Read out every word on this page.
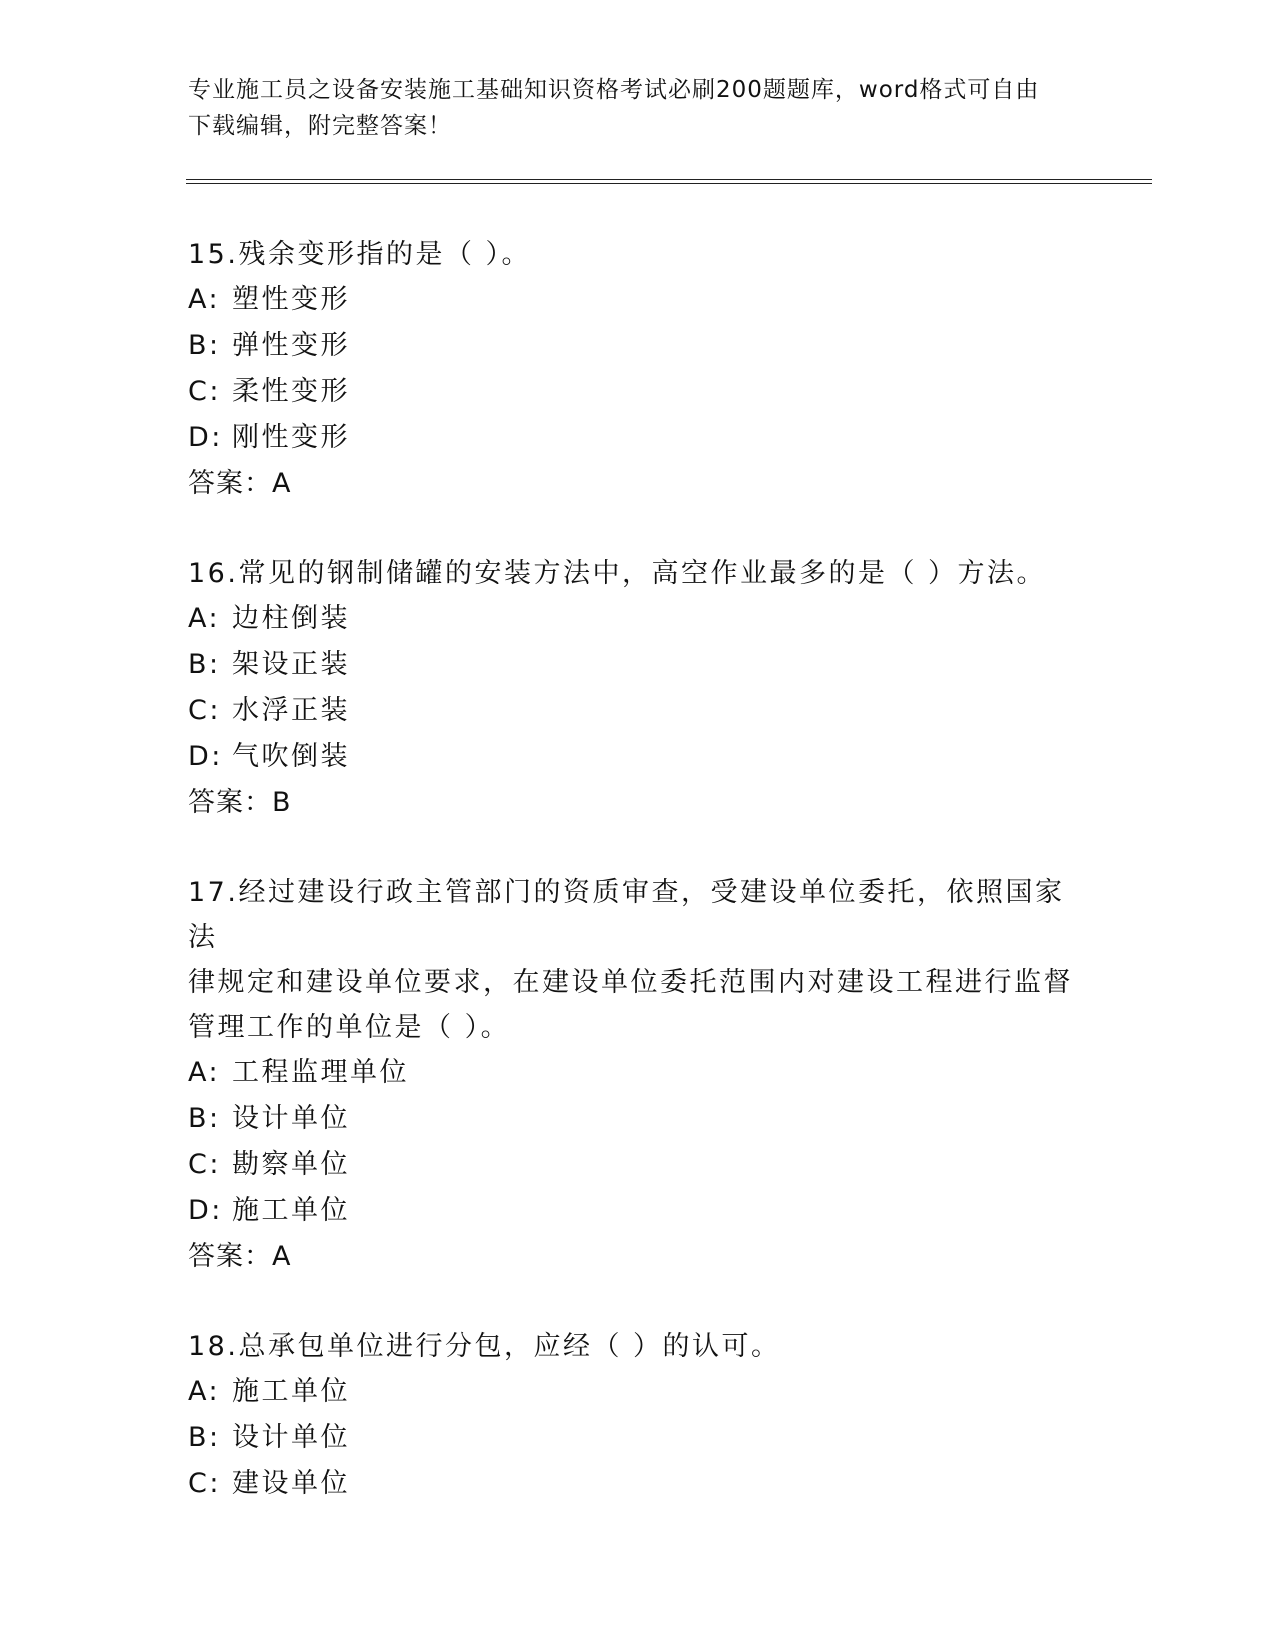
专业施工员之设备安装施工基础知识资格考试必刷200题题库，word格式可自由
下载编辑，附完整答案！
15.残余变形指的是（ ）。
A: 塑性变形
B: 弹性变形
C: 柔性变形
D: 刚性变形
答案：A
16.常见的钢制储罐的安装方法中，高空作业最多的是（ ）方法。
A: 边柱倒装
B: 架设正装
C: 水浮正装
D: 气吹倒装
答案：B
17.经过建设行政主管部门的资质审查，受建设单位委托，依照国家法
律规定和建设单位要求，在建设单位委托范围内对建设工程进行监督
管理工作的单位是（ ）。
A: 工程监理单位
B: 设计单位
C: 勘察单位
D: 施工单位
答案：A
18.总承包单位进行分包，应经（ ）的认可。
A: 施工单位
B: 设计单位
C: 建设单位
